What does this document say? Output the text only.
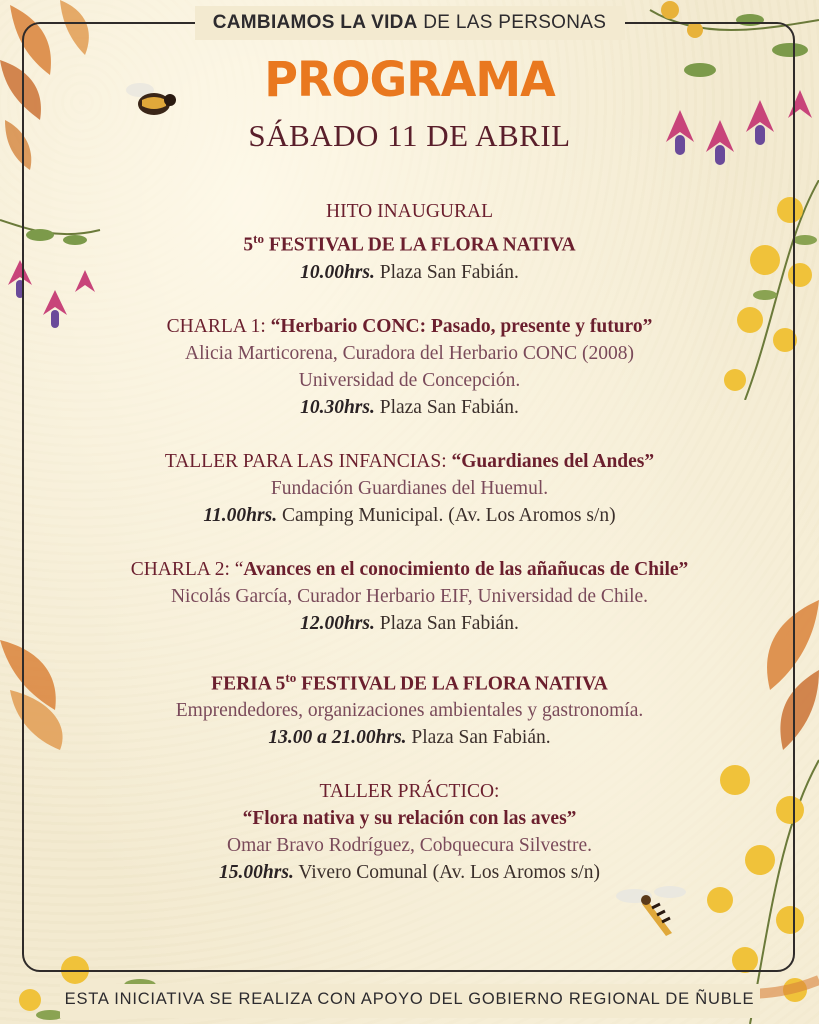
CAMBIAMOS LA VIDA DE LAS PERSONAS
PROGRAMA
SÁBADO 11 DE ABRIL
HITO INAUGURAL
$5^{to}$ FESTIVAL DE LA FLORA NATIVA
10.00hrs. Plaza San Fabián.
CHARLA 1: “Herbario CONC: Pasado, presente y futuro”
Alicia Marticorena, Curadora del Herbario CONC (2008)
Universidad de Concepción.
10.30hrs. Plaza San Fabián.
TALLER PARA LAS INFANCIAS: “Guardianes del Andes”
Fundación Guardianes del Huemul.
11.00hrs. Camping Municipal. (Av. Los Aromos s/n)
CHARLA 2: “Avances en el conocimiento de las añañucas de Chile”
Nicolás García, Curador Herbario EIF, Universidad de Chile.
12.00hrs. Plaza San Fabián.
FERIA $5^{to}$ FESTIVAL DE LA FLORA NATIVA
Emprendedores, organizaciones ambientales y gastronomía.
13.00 a 21.00hrs. Plaza San Fabián.
TALLER PRÁCTICO:
“Flora nativa y su relación con las aves”
Omar Bravo Rodríguez, Cobquecura Silvestre.
15.00hrs. Vivero Comunal (Av. Los Aromos s/n)
ESTA INICIATIVA SE REALIZA CON APOYO DEL GOBIERNO REGIONAL DE ÑUBLE
